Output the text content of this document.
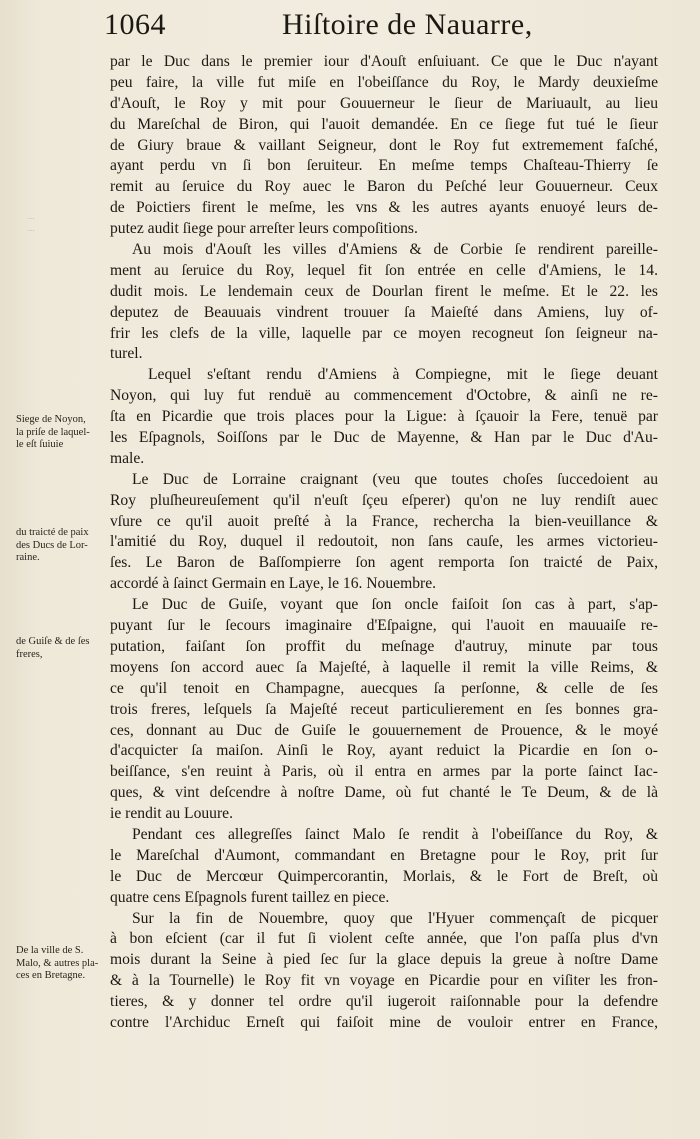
1064	Hiſtoire de Nauarre,
...
...
Siege de Noyon,
la priſe de laquel-
le eſt ſuiuie
du traicté de paix
des Ducs de Lor-
raine.
de Guiſe & de ſes
freres,
De la ville de S.
Malo, & autres pla-
ces en Bretagne.
par le Duc dans le premier iour d'Aouſt enſuiuant. Ce que le Duc n'ayant
peu faire, la ville fut miſe en l'obeiſſance du Roy, le Mardy deuxieſme
d'Aouſt, le Roy y mit pour Gouuerneur le ſieur de Mariuault, au lieu
du Mareſchal de Biron, qui l'auoit demandée. En ce ſiege fut tué le ſieur
de Giury braue & vaillant Seigneur, dont le Roy fut extremement faſché,
ayant perdu vn ſi bon ſeruiteur. En meſme temps Chaſteau-Thierry ſe
remit au ſeruice du Roy auec le Baron du Peſché leur Gouuerneur. Ceux
de Poictiers firent le meſme, les vns & les autres ayants enuoyé leurs de-
putez audit ſiege pour arreſter leurs compoſitions.
Au mois d'Aouſt les villes d'Amiens & de Corbie ſe rendirent pareille-
ment au ſeruice du Roy, lequel fit ſon entrée en celle d'Amiens, le 14.
dudit mois. Le lendemain ceux de Dourlan firent le meſme. Et le 22. les
deputez de Beauuais vindrent trouuer ſa Maieſté dans Amiens, luy of-
frir les clefs de la ville, laquelle par ce moyen recogneut ſon ſeigneur na-
turel.
Lequel s'eſtant rendu d'Amiens à Compiegne, mit le ſiege deuant
Noyon, qui luy fut renduë au commencement d'Octobre, & ainſi ne re-
ſta en Picardie que trois places pour la Ligue: à ſçauoir la Fere, tenuë par
les Eſpagnols, Soiſſons par le Duc de Mayenne, & Han par le Duc d'Au-
male.
Le Duc de Lorraine craignant (veu que toutes choſes ſuccedoient au
Roy pluſheureuſement qu'il n'euſt ſçeu eſperer) qu'on ne luy rendiſt auec
vſure ce qu'il auoit preſté à la France, rechercha la bien-veuillance &
l'amitié du Roy, duquel il redoutoit, non ſans cauſe, les armes victorieu-
ſes. Le Baron de Baſſompierre ſon agent remporta ſon traicté de Paix,
accordé à ſainct Germain en Laye, le 16. Nouembre.
Le Duc de Guiſe, voyant que ſon oncle faiſoit ſon cas à part, s'ap-
puyant ſur le ſecours imaginaire d'Eſpaigne, qui l'auoit en mauuaiſe re-
putation, faiſant ſon proffit du meſnage d'autruy, minute par tous
moyens ſon accord auec ſa Majeſté, à laquelle il remit la ville Reims, &
ce qu'il tenoit en Champagne, auecques ſa perſonne, & celle de ſes
trois freres, leſquels ſa Majeſté receut particulierement en ſes bonnes gra-
ces, donnant au Duc de Guiſe le gouuernement de Prouence, & le moyé
d'acquicter ſa maiſon. Ainſi le Roy, ayant reduict la Picardie en ſon o-
beiſſance, s'en reuint à Paris, où il entra en armes par la porte ſainct Iac-
ques, & vint deſcendre à noſtre Dame, où fut chanté le Te Deum, & de là
ie rendit au Louure.
Pendant ces allegreſſes ſainct Malo ſe rendit à l'obeiſſance du Roy, &
le Mareſchal d'Aumont, commandant en Bretagne pour le Roy, prit ſur
le Duc de Mercœur Quimpercorantin, Morlais, & le Fort de Breſt, où
quatre cens Eſpagnols furent taillez en piece.
Sur la fin de Nouembre, quoy que l'Hyuer commençaſt de picquer
à bon eſcient (car il fut ſi violent ceſte année, que l'on paſſa plus d'vn
mois durant la Seine à pied ſec ſur la glace depuis la greue à noſtre Dame
& à la Tournelle) le Roy fit vn voyage en Picardie pour en viſiter les fron-
tieres, & y donner tel ordre qu'il iugeroit raiſonnable pour la defendre
contre l'Archiduc Erneſt qui faiſoit mine de vouloir entrer en France,
